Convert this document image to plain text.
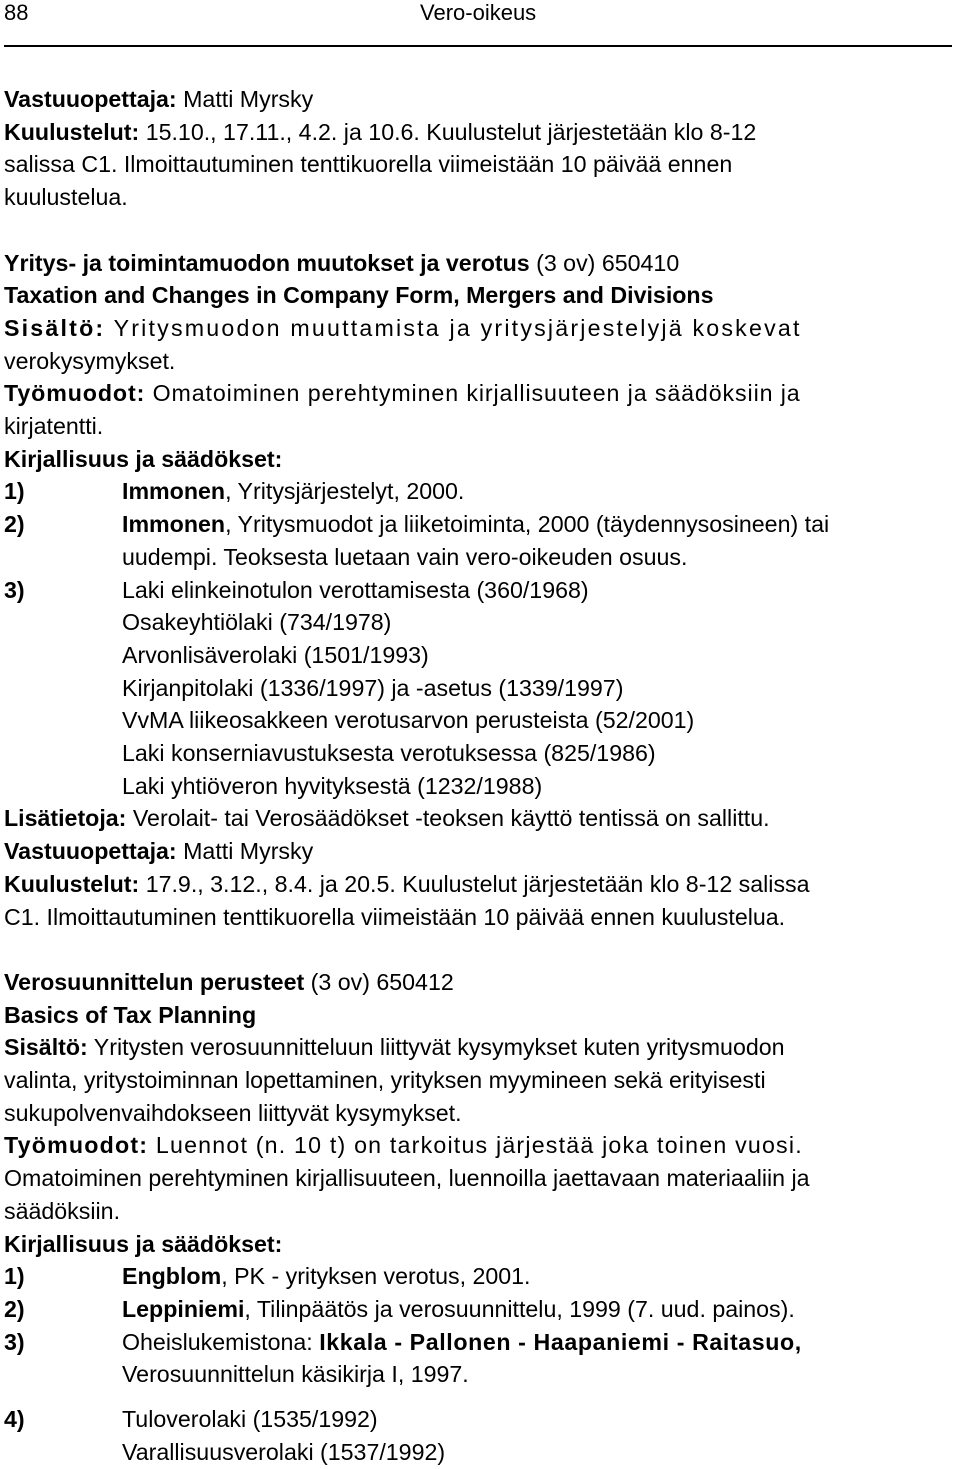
88	Vero-oikeus

Vastuuopettaja: Matti Myrsky

Kuulustelut: 15.10., 17.11., 4.2. ja 10.6. Kuulustelut järjestetään klo 8-12

salissa C1. Ilmoittautuminen tenttikuorella viimeistään 10 päivää ennen

kuulustelua.

Yritys- ja toimintamuodon muutokset ja verotus (3 ov) 650410

Taxation and Changes in Company Form, Mergers and Divisions

Sisältö: Yritysmuodon muuttamista ja yritysjärjestelyjä koskevat

verokysymykset.

Työmuodot: Omatoiminen perehtyminen kirjallisuuteen ja säädöksiin ja

kirjatentti.

Kirjallisuus ja säädökset:

1)	Immonen, Yritysjärjestelyt, 2000.
2)	Immonen, Yritysmuodot ja liiketoiminta, 2000 (täydennysosineen) tai
uudempi. Teoksesta luetaan vain vero-oikeuden osuus.
3)	Laki elinkeinotulon verottamisesta (360/1968)
Osakeyhtiölaki (734/1978)
Arvonlisäverolaki (1501/1993)
Kirjanpitolaki (1336/1997) ja -asetus (1339/1997)
VvMA liikeosakkeen verotusarvon perusteista (52/2001)
Laki konserniavustuksesta verotuksessa (825/1986)
Laki yhtiöveron hyvityksestä (1232/1988)

Lisätietoja: Verolait- tai Verosäädökset -teoksen käyttö tentissä on sallittu.

Vastuuopettaja: Matti Myrsky

Kuulustelut: 17.9., 3.12., 8.4. ja 20.5. Kuulustelut järjestetään klo 8-12 salissa

C1. Ilmoittautuminen tenttikuorella viimeistään 10 päivää ennen kuulustelua.

Verosuunnittelun perusteet (3 ov) 650412

Basics of Tax Planning

Sisältö: Yritysten verosuunnitteluun liittyvät kysymykset kuten yritysmuodon

valinta, yritystoiminnan lopettaminen, yrityksen myymineen sekä erityisesti

sukupolvenvaihdokseen liittyvät kysymykset.

Työmuodot: Luennot (n. 10 t) on tarkoitus järjestää joka toinen vuosi.

Omatoiminen perehtyminen kirjallisuuteen, luennoilla jaettavaan materiaaliin ja

säädöksiin.

Kirjallisuus ja säädökset:

1)	Engblom, PK - yrityksen verotus, 2001.
2)	Leppiniemi, Tilinpäätös ja verosuunnittelu, 1999 (7. uud. painos).
3)	Oheislukemistona: Ikkala - Pallonen - Haapaniemi - Raitasuo,
Verosuunnittelun käsikirja I, 1997.
4)	Tuloverolaki (1535/1992)
Varallisuusverolaki (1537/1992)
